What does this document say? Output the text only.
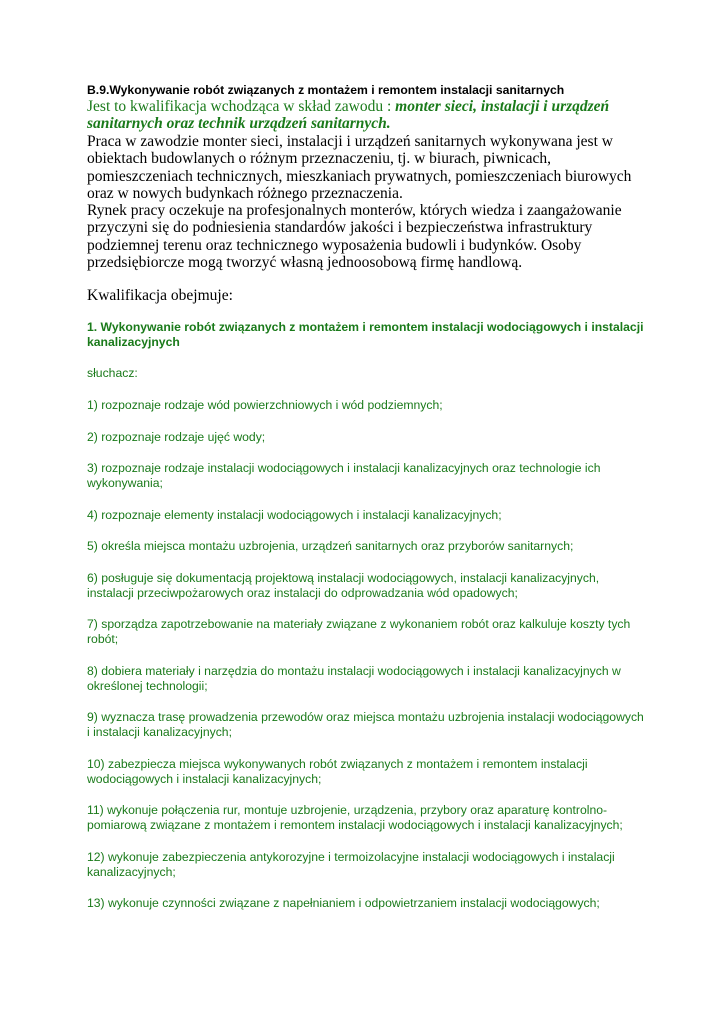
B.9.Wykonywanie robót związanych z montażem i remontem instalacji sanitarnych

Jest to kwalifikacja wchodząca w skład zawodu : monter sieci, instalacji i urządzeń sanitarnych oraz technik urządzeń sanitarnych.

Praca w zawodzie monter sieci, instalacji i urządzeń sanitarnych wykonywana jest w obiektach budowlanych o różnym przeznaczeniu, tj. w biurach, piwnicach, pomieszczeniach technicznych, mieszkaniach prywatnych, pomieszczeniach biurowych oraz w nowych budynkach różnego przeznaczenia.

Rynek pracy oczekuje na profesjonalnych monterów, których wiedza i zaangażowanie przyczyni się do podniesienia standardów jakości i bezpieczeństwa infrastruktury podziemnej terenu oraz technicznego wyposażenia budowli i budynków. Osoby przedsiębiorcze mogą tworzyć własną jednoosobową firmę handlową.

Kwalifikacja obejmuje:

1. Wykonywanie robót związanych z montażem i remontem instalacji wodociągowych i instalacji kanalizacyjnych

słuchacz:

1) rozpoznaje rodzaje wód powierzchniowych i wód podziemnych;

2) rozpoznaje rodzaje ujęć wody;

3) rozpoznaje rodzaje instalacji wodociągowych i instalacji kanalizacyjnych oraz technologie ich wykonywania;

4) rozpoznaje elementy instalacji wodociągowych i instalacji kanalizacyjnych;

5) określa miejsca montażu uzbrojenia, urządzeń sanitarnych oraz przyborów sanitarnych;

6) posługuje się dokumentacją projektową instalacji wodociągowych, instalacji kanalizacyjnych, instalacji przeciwpożarowych oraz instalacji do odprowadzania wód opadowych;

7) sporządza zapotrzebowanie na materiały związane z wykonaniem robót oraz kalkuluje koszty tych robót;

8) dobiera materiały i narzędzia do montażu instalacji wodociągowych i instalacji kanalizacyjnych w określonej technologii;

9) wyznacza trasę prowadzenia przewodów oraz miejsca montażu uzbrojenia instalacji wodociągowych i instalacji kanalizacyjnych;

10) zabezpiecza miejsca wykonywanych robót związanych z montażem i remontem instalacji wodociągowych i instalacji kanalizacyjnych;

11) wykonuje połączenia rur, montuje uzbrojenie, urządzenia, przybory oraz aparaturę kontrolno-pomiarową związane z montażem i remontem instalacji wodociągowych i instalacji kanalizacyjnych;

12) wykonuje zabezpieczenia antykorozyjne i termoizolacyjne instalacji wodociągowych i instalacji kanalizacyjnych;

13) wykonuje czynności związane z napełnianiem i odpowietrzaniem instalacji wodociągowych;
